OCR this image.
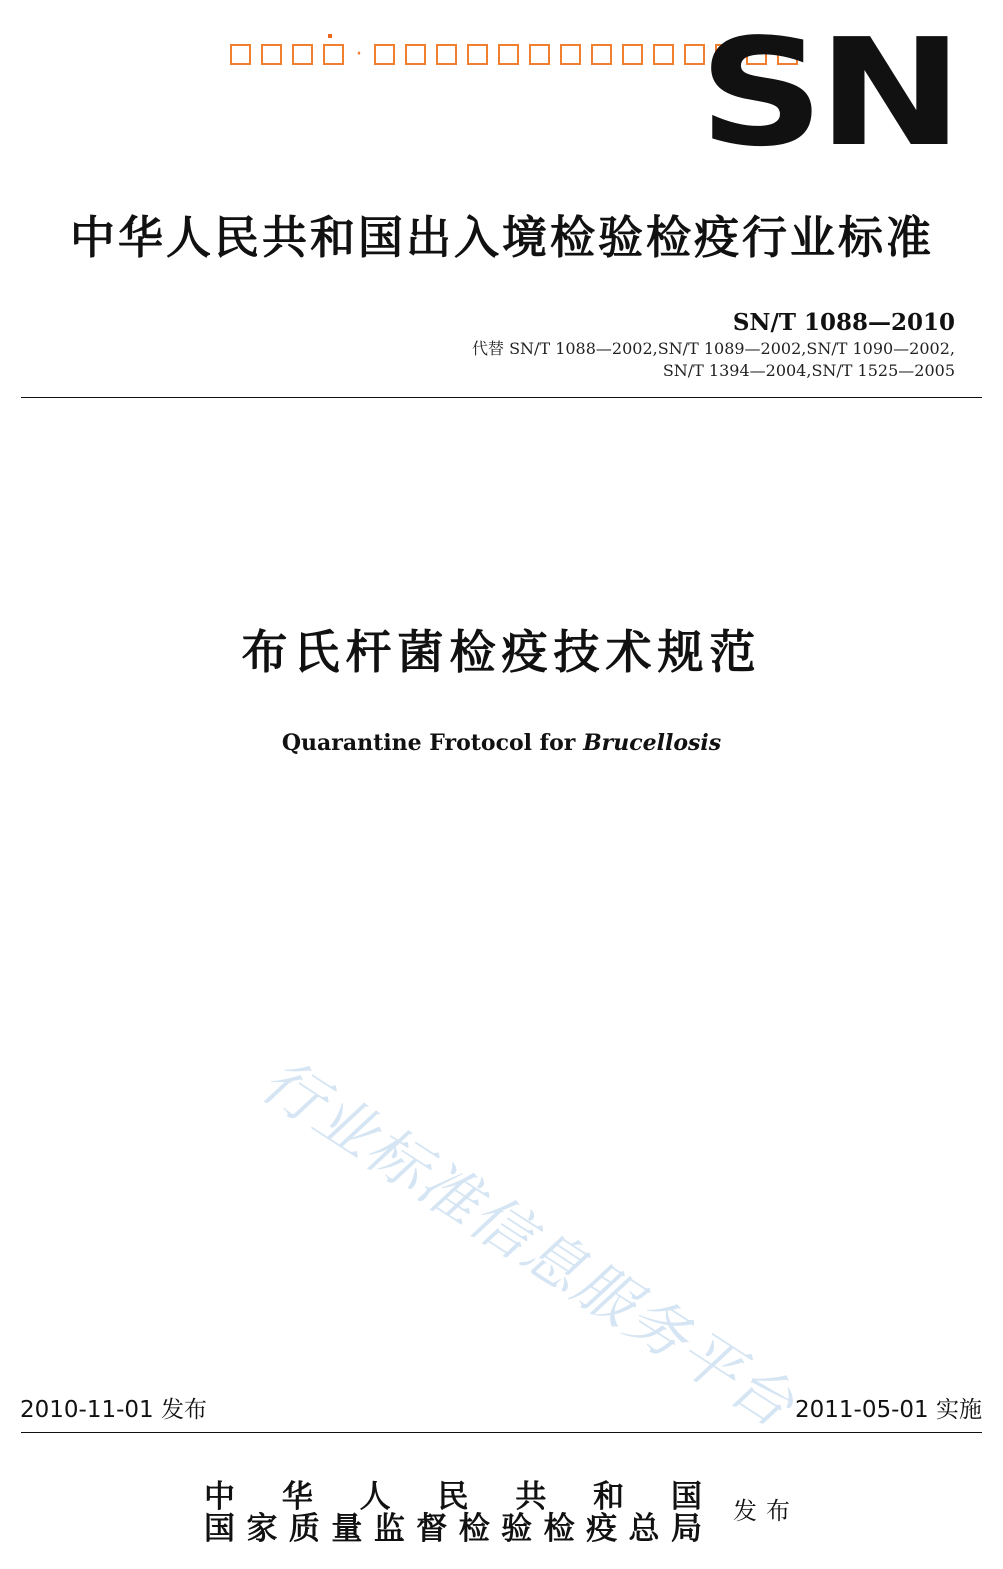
· SN
中华人民共和国出入境检验检疫行业标准
SN/T 1088—2010
代替 SN/T 1088—2002,SN/T 1089—2002,SN/T 1090—2002,
SN/T 1394—2004,SN/T 1525—2005
布氏杆菌检疫技术规范
Quarantine Frotocol for Brucellosis
行业标准信息服务平台
2010-11-01 发布	2011-05-01 实施
中华人民共和国
国家质量监督检验检疫总局 发布
